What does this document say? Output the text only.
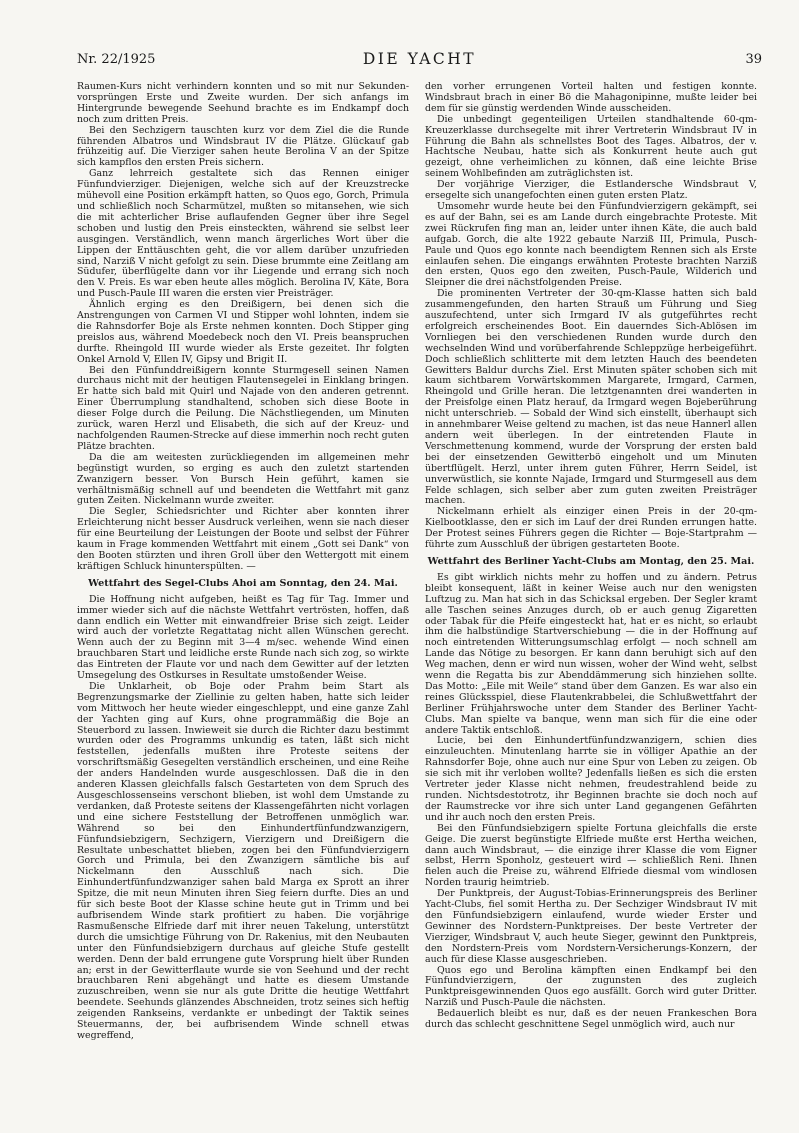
Nr. 22/1925	DIE YACHT	39

Raumen-Kurs nicht verhindern konnten und so mit nur Sekunden-vorsprüngen Erste und Zweite wurden. Der sich anfangs im Hintergrunde bewegende Seehund brachte es im Endkampf doch noch zum dritten Preis.

Bei den Sechzigern tauschten kurz vor dem Ziel die die Runde führenden Albatros und Windsbraut IV die Plätze. Glückauf gab frühzeitig auf. Die Vierziger sahen heute Berolina V an der Spitze sich kampflos den ersten Preis sichern.

Ganz lehrreich gestaltete sich das Rennen einiger Fünfundvierziger. Diejenigen, welche sich auf der Kreuzstrecke mühevoll eine Position erkämpft hatten, so Quos ego, Gorch, Primula und schließlich noch Scharmützel, mußten so mitansehen, wie sich die mit achterlicher Brise auflaufenden Gegner über ihre Segel schoben und lustig den Preis einsteckten, während sie selbst leer ausgingen. Verständlich, wenn manch ärgerliches Wort über die Lippen der Enttäuschten geht, die vor allem darüber unzufrieden sind, Narziß V nicht gefolgt zu sein. Diese brummte eine Zeitlang am Südufer, überflügelte dann vor ihr Liegende und errang sich noch den V. Preis. Es war eben heute alles möglich. Berolina IV, Käte, Bora und Pusch-Paule III waren die ersten vier Preisträger.

Ähnlich erging es den Dreißigern, bei denen sich die Anstrengungen von Carmen VI und Stipper wohl lohnten, indem sie die Rahnsdorfer Boje als Erste nehmen konnten. Doch Stipper ging preislos aus, während Moedebeck noch den VI. Preis beanspruchen durfte. Rheingold III wurde wieder als Erste gezeitet. Ihr folgten Onkel Arnold V, Ellen IV, Gipsy und Brigit II.

Bei den Fünfunddreißigern konnte Sturmgesell seinen Namen durchaus nicht mit der heutigen Flautensegelei in Einklang bringen. Er hatte sich bald mit Quirl und Najade von den anderen getrennt. Einer Überrumplung standhaltend, schoben sich diese Boote in dieser Folge durch die Peilung. Die Nächstliegenden, um Minuten zurück, waren Herzl und Elisabeth, die sich auf der Kreuz- und nachfolgenden Raumen-Strecke auf diese immerhin noch recht guten Plätze brachten.

Da die am weitesten zurückliegenden im allgemeinen mehr begünstigt wurden, so erging es auch den zuletzt startenden Zwanzigern besser. Von Bursch Hein geführt, kamen sie verhältnismäßig schnell auf und beendeten die Wettfahrt mit ganz guten Zeiten. Nickelmann wurde zweiter.

Die Segler, Schiedsrichter und Richter aber konnten ihrer Erleichterung nicht besser Ausdruck verleihen, wenn sie nach dieser für eine Beurteilung der Leistungen der Boote und selbst der Führer kaum in Frage kommenden Wettfahrt mit einem „Gott sei Dank“ von den Booten stürzten und ihren Groll über den Wettergott mit einem kräftigen Schluck hinunterspülten. —

Wettfahrt des Segel-Clubs Ahoi am Sonntag, den 24. Mai.

Die Hoffnung nicht aufgeben, heißt es Tag für Tag. Immer und immer wieder sich auf die nächste Wettfahrt vertrösten, hoffen, daß dann endlich ein Wetter mit einwandfreier Brise sich zeigt. Leider wird auch der vorletzte Regattatag nicht allen Wünschen gerecht. Wenn auch der zu Beginn mit 3—4 m/sec. wehende Wind einen brauchbaren Start und leidliche erste Runde nach sich zog, so wirkte das Eintreten der Flaute vor und nach dem Gewitter auf der letzten Umsegelung des Ostkurses in Resultate umstoßender Weise.

Die Unklarheit, ob Boje oder Prahm beim Start als Begrenzungsmarke der Ziellinie zu gelten haben, hatte sich leider vom Mittwoch her heute wieder eingeschleppt, und eine ganze Zahl der Yachten ging auf Kurs, ohne programmäßig die Boje an Steuerbord zu lassen. Inwieweit sie durch die Richter dazu bestimmt wurden oder des Programms unkundig es taten, läßt sich nicht feststellen, jedenfalls mußten ihre Proteste seitens der vorschriftsmäßig Gesegelten verständlich erscheinen, und eine Reihe der anders Handelnden wurde ausgeschlossen. Daß die in den anderen Klassen gleichfalls falsch Gestarteten von dem Spruch des Ausgeschlossenseins verschont blieben, ist wohl dem Umstande zu verdanken, daß Proteste seitens der Klassengefährten nicht vorlagen und eine sichere Feststellung der Betroffenen unmöglich war. Während so bei den Einhundertfünfundzwanzigern, Fünfundsiebzigern, Sechzigern, Vierzigern und Dreißigern die Resultate unbeschattet blieben, zogen bei den Fünfundvierzigern Gorch und Primula, bei den Zwanzigern sämtliche bis auf Nickelmann den Ausschluß nach sich. Die Einhundertfünfundzwanziger sahen bald Marga ex Sprott an ihrer Spitze, die mit neun Minuten ihren Sieg feiern durfte. Dies an und für sich beste Boot der Klasse schine heute gut in Trimm und bei aufbrisendem Winde stark profitiert zu haben. Die vorjährige Rasmußensche Elfriede darf mit ihrer neuen Takelung, unterstützt durch die umsichtige Führung von Dr. Rakenius, mit den Neubauten unter den Fünfundsiebzigern durchaus auf gleiche Stufe gestellt werden. Denn der bald errungene gute Vorsprung hielt über Runden an; erst in der Gewitterflaute wurde sie von Seehund und der recht brauchbaren Reni abgehängt und hatte es diesem Umstande zuzuschreiben, wenn sie nur als gute Dritte die heutige Wettfahrt beendete. Seehunds glänzendes Abschneiden, trotz seines sich heftig zeigenden Rankseins, verdankte er unbedingt der Taktik seines Steuermanns, der, bei aufbrisendem Winde schnell etwas wegreffend,

den vorher errungenen Vorteil halten und festigen konnte. Windsbraut brach in einer Bö die Mahagonipinne, mußte leider bei dem für sie günstig werdenden Winde ausscheiden.

Die unbedingt gegenteiligen Urteilen standhaltende 60-qm-Kreuzerklasse durchsegelte mit ihrer Vertreterin Windsbraut IV in Führung die Bahn als schnellstes Boot des Tages. Albatros, der v. Hachtsche Neubau, hatte sich als Konkurrent heute auch gut gezeigt, ohne verheimlichen zu können, daß eine leichte Brise seinem Wohlbefinden am zuträglichsten ist.

Der vorjährige Vierziger, die Estlandersche Windsbraut V, ersegelte sich unangefochten einen guten ersten Platz.

Umsomehr wurde heute bei den Fünfundvierzigern gekämpft, sei es auf der Bahn, sei es am Lande durch eingebrachte Proteste. Mit zwei Rückrufen fing man an, leider unter ihnen Käte, die auch bald aufgab. Gorch, die alte 1922 gebaute Narziß III, Primula, Pusch-Paule und Quos ego konnte nach beendigtem Rennen sich als Erste einlaufen sehen. Die eingangs erwähnten Proteste brachten Narziß den ersten, Quos ego den zweiten, Pusch-Paule, Wilderich und Sleipner die drei nächstfolgenden Preise.

Die prominenten Vertreter der 30-qm-Klasse hatten sich bald zusammengefunden, den harten Strauß um Führung und Sieg auszufechtend, unter sich Irmgard IV als gutgeführtes recht erfolgreich erscheinendes Boot. Ein dauerndes Sich-Ablösen im Vornliegen bei den verschiedenen Runden wurde durch den wechselnden Wind und vorüberfahrende Schleppzüge herbeigeführt. Doch schließlich schlitterte mit dem letzten Hauch des beendeten Gewitters Baldur durchs Ziel. Erst Minuten später schoben sich mit kaum sichtbarem Vorwärtskommen Margarete, Irmgard, Carmen, Rheingold und Grille heran. Die letztgenannten drei wanderten in der Preisfolge einen Platz herauf, da Irmgard wegen Bojeberührung nicht unterschrieb. — Sobald der Wind sich einstellt, überhaupt sich in annehmbarer Weise geltend zu machen, ist das neue Hannerl allen andern weit überlegen. In der eintretenden Flaute in Verschmettenung kommend, wurde der Vorsprung der ersten bald bei der einsetzenden Gewitterbö eingeholt und um Minuten übertflügelt. Herzl, unter ihrem guten Führer, Herrn Seidel, ist unverwüstlich, sie konnte Najade, Irmgard und Sturmgesell aus dem Felde schlagen, sich selber aber zum guten zweiten Preisträger machen.

Nickelmann erhielt als einziger einen Preis in der 20-qm-Kielbootklasse, den er sich im Lauf der drei Runden errungen hatte. Der Protest seines Führers gegen die Richter — Boje-Startprahm — führte zum Ausschluß der übrigen gestarteten Boote.

Wettfahrt des Berliner Yacht-Clubs am Montag, den 25. Mai.

Es gibt wirklich nichts mehr zu hoffen und zu ändern. Petrus bleibt konsequent, läßt in keiner Weise auch nur den wenigsten Luftzug zu. Man hat sich in das Schicksal ergeben. Der Segler kramt alle Taschen seines Anzuges durch, ob er auch genug Zigaretten oder Tabak für die Pfeife eingesteckt hat, hat er es nicht, so erlaubt ihm die halbstündige Startverschiebung — die in der Hoffnung auf noch eintretenden Witterungsumschlag erfolgt — noch schnell am Lande das Nötige zu besorgen. Er kann dann beruhigt sich auf den Weg machen, denn er wird nun wissen, woher der Wind weht, selbst wenn die Regatta bis zur Abenddämmerung sich hinziehen sollte. Das Motto: „Eile mit Weile“ stand über dem Ganzen. Es war also ein reines Glücksspiel, diese Flautenkrabbelei, die Schlußwettfahrt der Berliner Frühjahrswoche unter dem Stander des Berliner Yacht-Clubs. Man spielte va banque, wenn man sich für die eine oder andere Taktik entschloß.

Lucie, bei den Einhundertfünfundzwanzigern, schien dies einzuleuchten. Minutenlang harrte sie in völliger Apathie an der Rahnsdorfer Boje, ohne auch nur eine Spur von Leben zu zeigen. Ob sie sich mit ihr verloben wollte? Jedenfalls ließen es sich die ersten Vertreter jeder Klasse nicht nehmen, freudestrahlend beide zu runden. Nichtsdestotrotz, ihr Beginnen brachte sie doch noch auf der Raumstrecke vor ihre sich unter Land gegangenen Gefährten und ihr auch noch den ersten Preis.

Bei den Fünfundsiebzigern spielte Fortuna gleichfalls die erste Geige. Die zuerst begünstigte Elfriede mußte erst Hertha weichen, dann auch Windsbraut, — die einzige ihrer Klasse die vom Eigner selbst, Herrn Sponholz, gesteuert wird — schließlich Reni. Ihnen fielen auch die Preise zu, während Elfriede diesmal vom windlosen Norden traurig heimtrieb.

Der Punktpreis, der August-Tobias-Erinnerungspreis des Berliner Yacht-Clubs, fiel somit Hertha zu. Der Sechziger Windsbraut IV mit den Fünfundsiebzigern einlaufend, wurde wieder Erster und Gewinner des Nordstern-Punktpreises. Der beste Vertreter der Vierziger, Windsbraut V, auch heute Sieger, gewinnt den Punktpreis, den Nordstern-Preis vom Nordstern-Versicherungs-Konzern, der auch für diese Klasse ausgeschrieben.

Quos ego und Berolina kämpften einen Endkampf bei den Fünfundvierzigern, der zugunsten des zugleich Punktpreisgewinnenden Quos ego ausfällt. Gorch wird guter Dritter. Narziß und Pusch-Paule die nächsten.

Bedauerlich bleibt es nur, daß es der neuen Frankeschen Bora durch das schlecht geschnittene Segel unmöglich wird, auch nur
